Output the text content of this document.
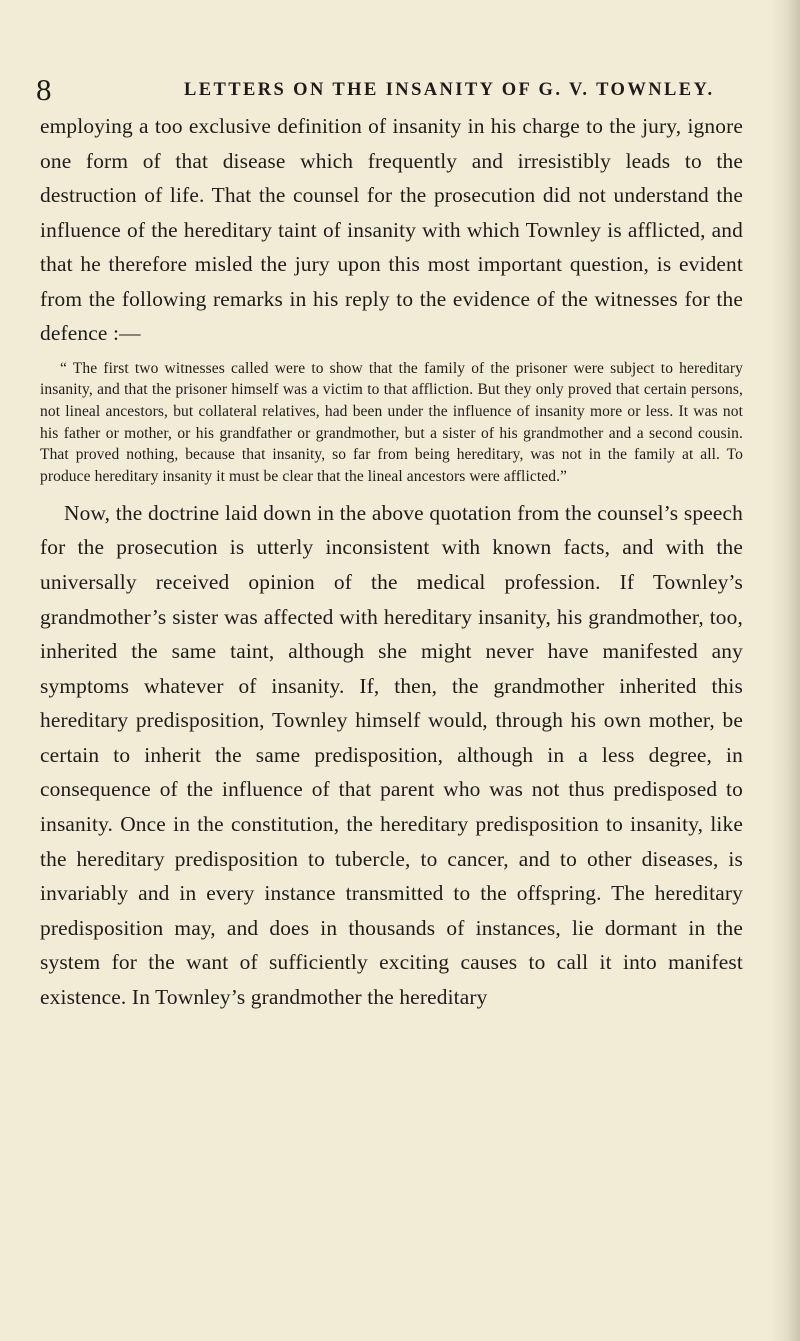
8	LETTERS ON THE INSANITY OF G. V. TOWNLEY.

employing a too exclusive definition of insanity in his charge to the jury, ignore one form of that disease which frequently and irresistibly leads to the destruction of life. That the counsel for the prosecution did not understand the influence of the hereditary taint of insanity with which Townley is afflicted, and that he therefore misled the jury upon this most important question, is evident from the following remarks in his reply to the evidence of the witnesses for the defence :—

“ The first two witnesses called were to show that the family of the prisoner were subject to hereditary insanity, and that the prisoner himself was a victim to that affliction. But they only proved that certain persons, not lineal ancestors, but collateral relatives, had been under the influence of insanity more or less. It was not his father or mother, or his grandfather or grandmother, but a sister of his grandmother and a second cousin. That proved nothing, because that insanity, so far from being hereditary, was not in the family at all. To produce hereditary insanity it must be clear that the lineal ancestors were afflicted.”

Now, the doctrine laid down in the above quotation from the counsel’s speech for the prosecution is utterly inconsistent with known facts, and with the universally received opinion of the medical profession. If Townley’s grandmother’s sister was affected with hereditary insanity, his grandmother, too, inherited the same taint, although she might never have manifested any symptoms whatever of insanity. If, then, the grandmother inherited this hereditary predisposition, Townley himself would, through his own mother, be certain to inherit the same predisposition, although in a less degree, in consequence of the influence of that parent who was not thus predisposed to insanity. Once in the constitution, the hereditary predisposition to insanity, like the hereditary predisposition to tubercle, to cancer, and to other diseases, is invariably and in every instance transmitted to the offspring. The hereditary predisposition may, and does in thousands of instances, lie dormant in the system for the want of sufficiently exciting causes to call it into manifest existence. In Townley’s grandmother the hereditary
